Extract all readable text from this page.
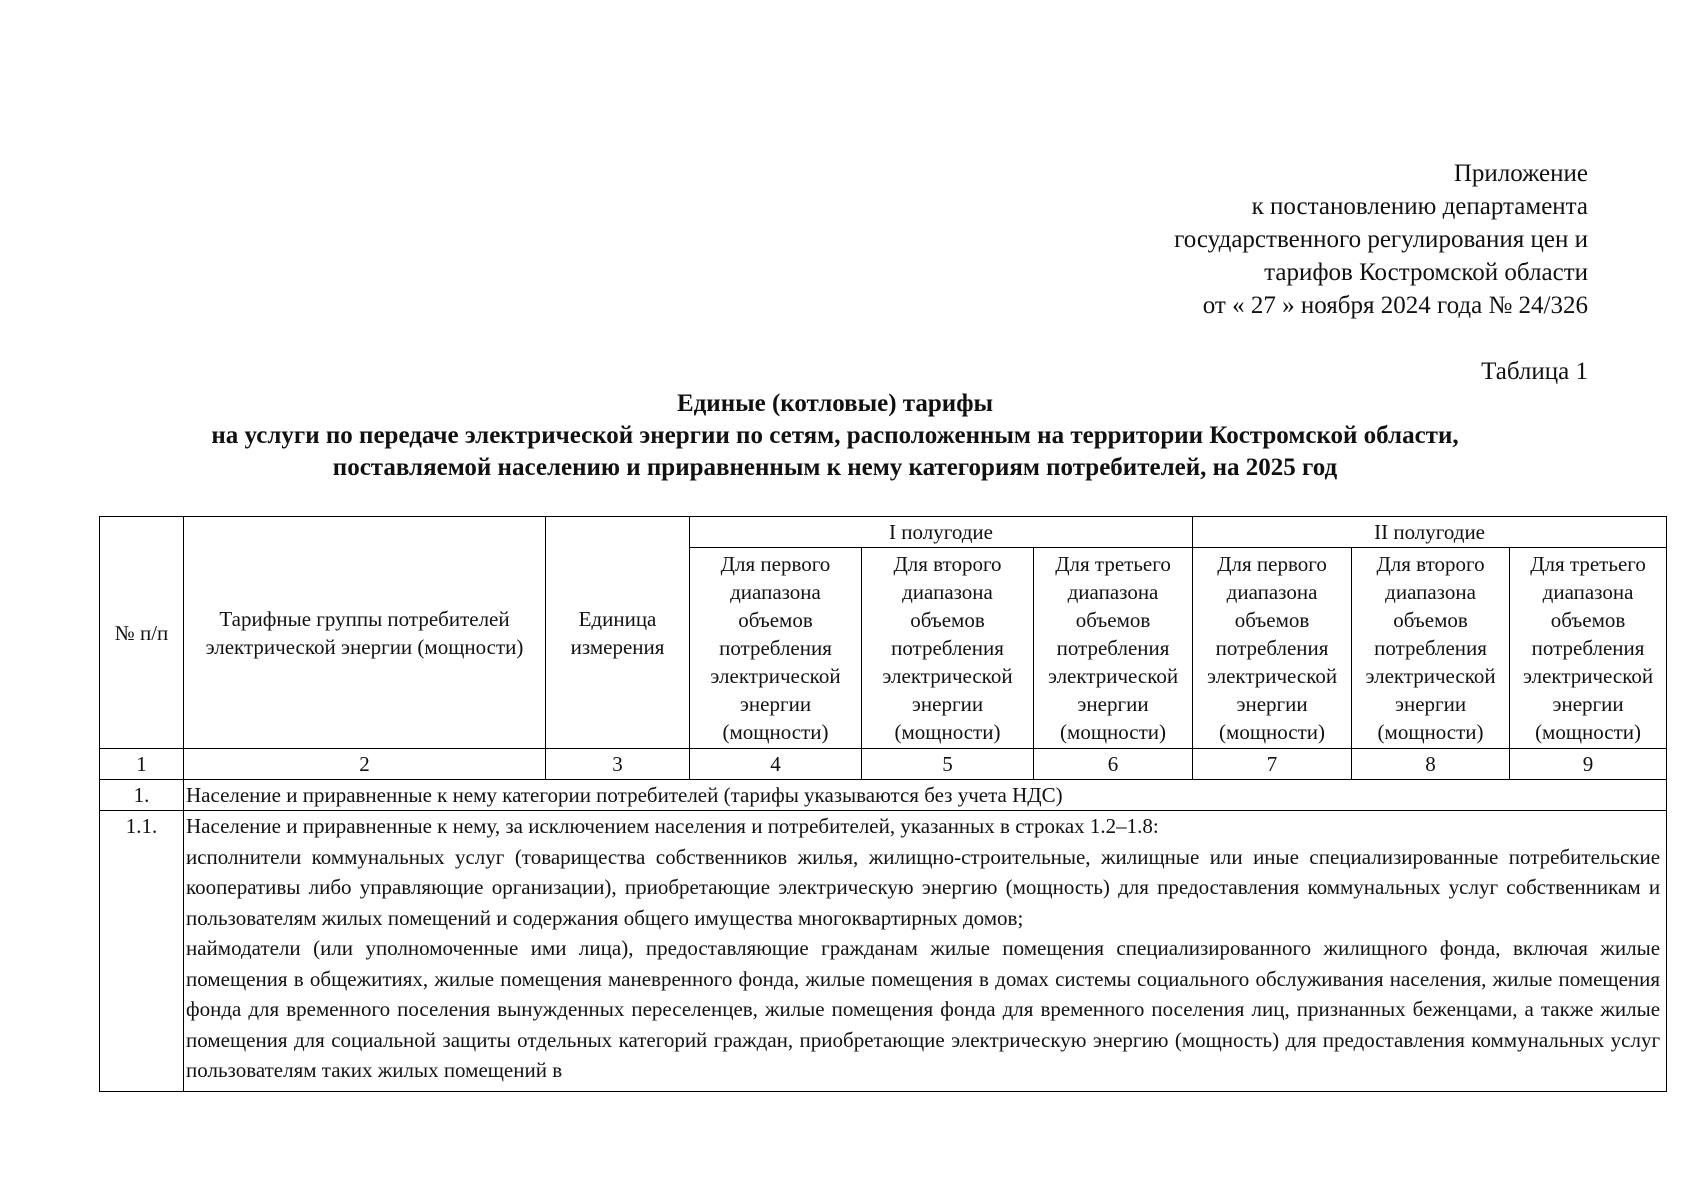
Приложение
к постановлению департамента
государственного регулирования цен и
тарифов Костромской области
от « 27 » ноября 2024 года № 24/326
Таблица 1
Единые (котловые) тарифы
на услуги по передаче электрической энергии по сетям, расположенным на территории Костромской области,
поставляемой населению и приравненным к нему категориям потребителей, на 2025 год
№ п/п	Тарифные группы потребителей электрической энергии (мощности)	Единица измерения	I полугодие			II полугодие		
			Для первого диапазона объемов потребления электрической энергии (мощности)	Для второго диапазона объемов потребления электрической энергии (мощности)	Для третьего диапазона объемов потребления электрической энергии (мощности)	Для первого диапазона объемов потребления электрической энергии (мощности)	Для второго диапазона объемов потребления электрической энергии (мощности)	Для третьего диапазона объемов потребления электрической энергии (мощности)
1	2	3	4	5	6	7	8	9
1.	Население и приравненные к нему категории потребителей (тарифы указываются без учета НДС)							
1.1.	Население и приравненные к нему, за исключением населения и потребителей, указанных в строках 1.2–1.8:
исполнители коммунальных услуг (товарищества собственников жилья, жилищно-строительные, жилищные или иные специализированные потребительские кооперативы либо управляющие организации), приобретающие электрическую энергию (мощность) для предоставления коммунальных услуг собственникам и пользователям жилых помещений и содержания общего имущества многоквартирных домов;
наймодатели (или уполномоченные ими лица), предоставляющие гражданам жилые помещения специализированного жилищного фонда, включая жилые помещения в общежитиях, жилые помещения маневренного фонда, жилые помещения в домах системы социального обслуживания населения, жилые помещения фонда для временного поселения вынужденных переселенцев, жилые помещения фонда для временного поселения лиц, признанных беженцами, а также жилые помещения для социальной защиты отдельных категорий граждан, приобретающие электрическую энергию (мощность) для предоставления коммунальных услуг пользователям таких жилых помещений в							
